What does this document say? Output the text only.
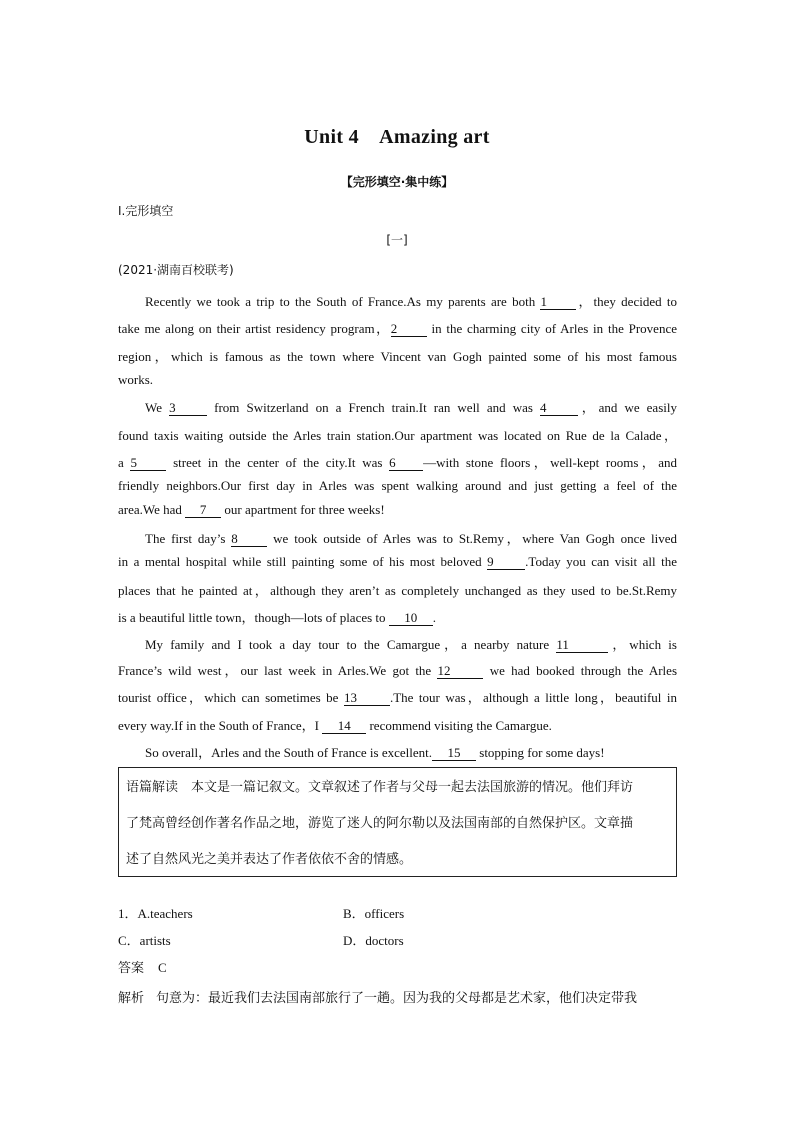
Unit 4　Amazing art
【完形填空·集中练】
Ⅰ.完形填空
[一]
(2021·湖南百校联考)
Recently we took a trip to the South of France.As my parents are both 1 ，they decided to
take me along on their artist residency program，2 in the charming city of Arles in the Provence
region，which is famous as the town where Vincent van Gogh painted some of his most famous
works.
We 3 from Switzerland on a French train.It ran well and was 4 ，and we easily
found taxis waiting outside the Arles train station.Our apartment was located on Rue de la Calade，
a 5 street in the center of the city.It was 6 —with stone floors，well-kept rooms，and
friendly neighbors.Our first day in Arles was spent walking around and just getting a feel of the
area.We had 7 our apartment for three weeks!
The first day’s 8 we took outside of Arles was to St.Remy，where Van Gogh once lived
in a mental hospital while still painting some of his most beloved 9 .Today you can visit all the
places that he painted at，although they aren’t as completely unchanged as they used to be.St.Remy
is a beautiful little town，though—lots of places to 10 .
My family and I took a day tour to the Camargue，a nearby nature 11	，which is
France’s wild west，our last week in Arles.We got the 12	we had booked through the Arles
tourist office，which can sometimes be 13	.The tour was，although a little long，beautiful in
every way.If in the South of France，I 14 recommend visiting the Camargue.
So overall，Arles and the South of France is excellent. 15 stopping for some days!
语篇解读　本文是一篇记叙文。文章叙述了作者与父母一起去法国旅游的情况。他们拜访
了梵高曾经创作著名作品之地，游览了迷人的阿尔勒以及法国南部的自然保护区。文章描
述了自然风光之美并表达了作者依依不舍的情感。
1．A.teachers	B．officers
C．artists	D．doctors
答案 C
解析 句意为：最近我们去法国南部旅行了一趟。因为我的父母都是艺术家，他们决定带我
